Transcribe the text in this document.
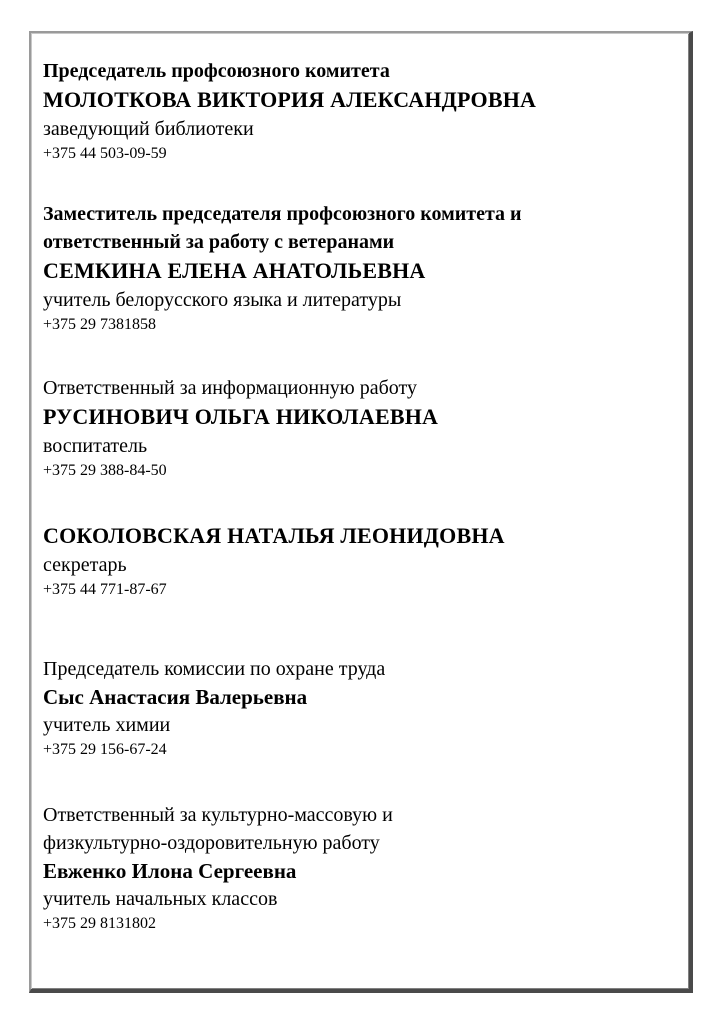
Председатель профсоюзного комитета
МОЛОТКОВА ВИКТОРИЯ АЛЕКСАНДРОВНА
заведующий библиотеки
+375 44 503-09-59
Заместитель председателя профсоюзного комитета и
ответственный за работу с ветеранами
СЕМКИНА ЕЛЕНА АНАТОЛЬЕВНА
учитель белорусского языка и литературы
+375 29 7381858
Ответственный за информационную работу
РУСИНОВИЧ ОЛЬГА НИКОЛАЕВНА
воспитатель
+375 29 388-84-50
СОКОЛОВСКАЯ НАТАЛЬЯ ЛЕОНИДОВНА
секретарь
+375 44 771-87-67
Председатель комиссии по охране труда
Сыс Анастасия Валерьевна
учитель химии
+375 29 156-67-24
Ответственный за культурно-массовую и
физкультурно-оздоровительную работу
Евженко Илона Сергеевна
учитель начальных классов
+375 29 8131802
